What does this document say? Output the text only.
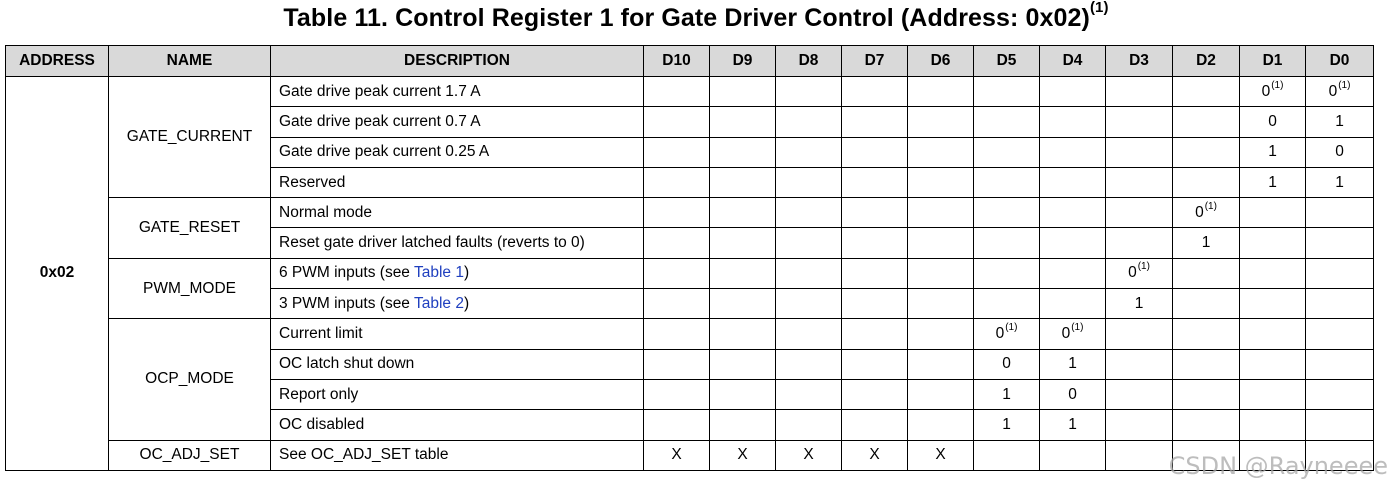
Table 11. Control Register 1 for Gate Driver Control (Address: 0x02)$^{(1)}$
ADDRESS	NAME	DESCRIPTION	D10	D9	D8	D7	D6	D5	D4	D3	D2	D1	D0
0x02	GATE_CURRENT	Gate drive peak current 1.7 A										0$^{(1)}$	0$^{(1)}$
		Gate drive peak current 0.7 A										0	1
		Gate drive peak current 0.25 A										1	0
		Reserved										1	1
	GATE_RESET	Normal mode									0$^{(1)}$		
		Reset gate driver latched faults (reverts to 0)									1		
	PWM_MODE	6 PWM inputs (see Table 1)								0$^{(1)}$			
		3 PWM inputs (see Table 2)								1			
	OCP_MODE	Current limit						0$^{(1)}$	0$^{(1)}$				
		OC latch shut down						0	1				
		Report only						1	0				
		OC disabled						1	1				
	OC_ADJ_SET	See OC_ADJ_SET table	X	X	X	X	X							CSDN @Rayneeee
